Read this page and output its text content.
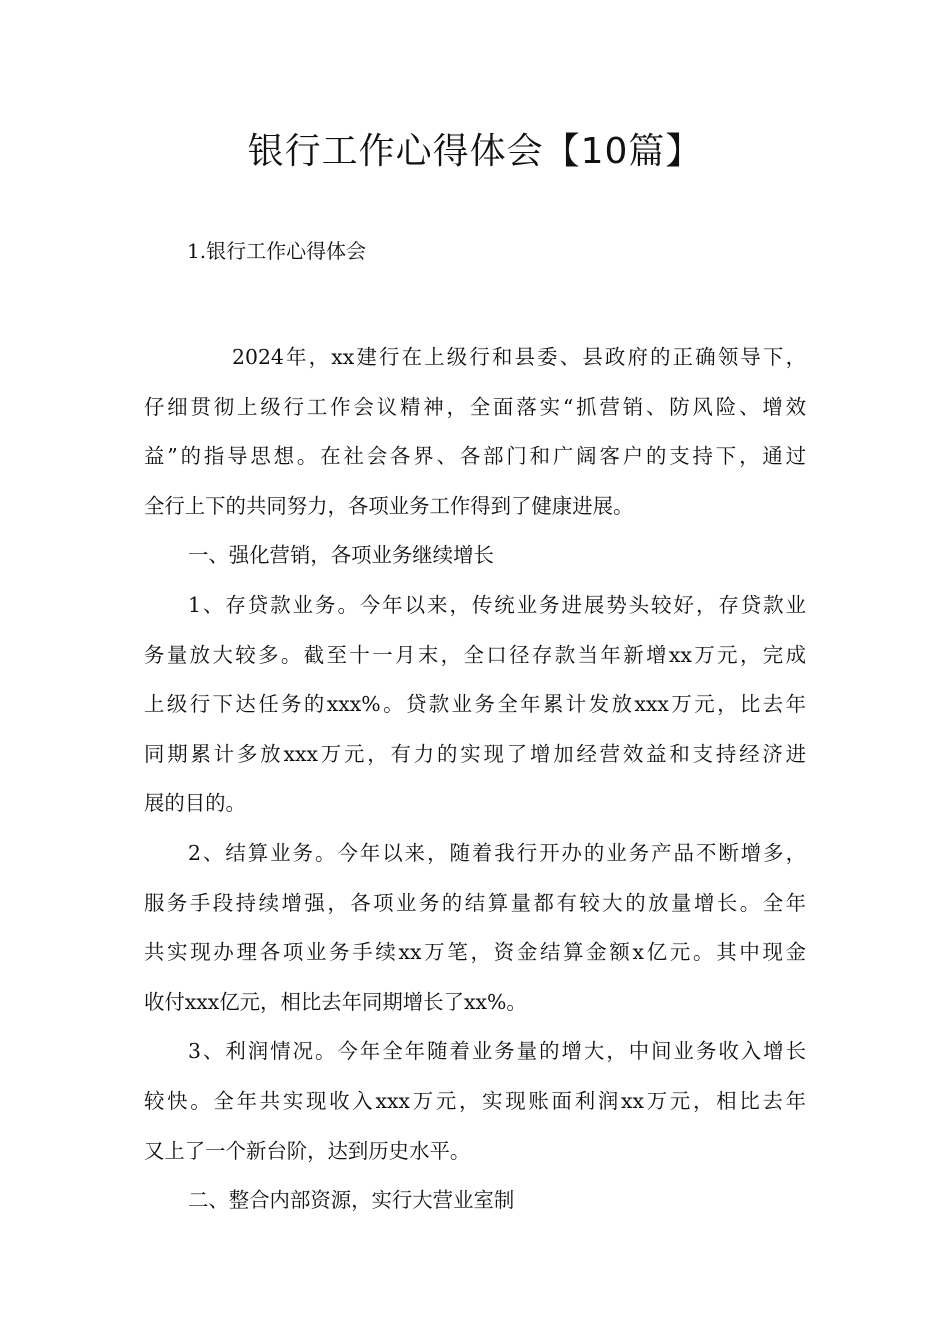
银行工作心得体会【10篇】
1.银行工作心得体会

2024年，xx建行在上级行和县委、县政府的正确领导下，
仔细贯彻上级行工作会议精神，全面落实“抓营销、防风险、增效
益”的指导思想。在社会各界、各部门和广阔客户的支持下，通过
全行上下的共同努力，各项业务工作得到了健康进展。

一、强化营销，各项业务继续增长

1、存贷款业务。今年以来，传统业务进展势头较好，存贷款业
务量放大较多。截至十一月末，全口径存款当年新增xx万元，完成
上级行下达任务的xxx%。贷款业务全年累计发放xxx万元，比去年
同期累计多放xxx万元，有力的实现了增加经营效益和支持经济进
展的目的。

2、结算业务。今年以来，随着我行开办的业务产品不断增多，
服务手段持续增强，各项业务的结算量都有较大的放量增长。全年
共实现办理各项业务手续xx万笔，资金结算金额x亿元。其中现金
收付xxx亿元，相比去年同期增长了xx%。

3、利润情况。今年全年随着业务量的增大，中间业务收入增长
较快。全年共实现收入xxx万元，实现账面利润xx万元，相比去年
又上了一个新台阶，达到历史水平。

二、整合内部资源，实行大营业室制
